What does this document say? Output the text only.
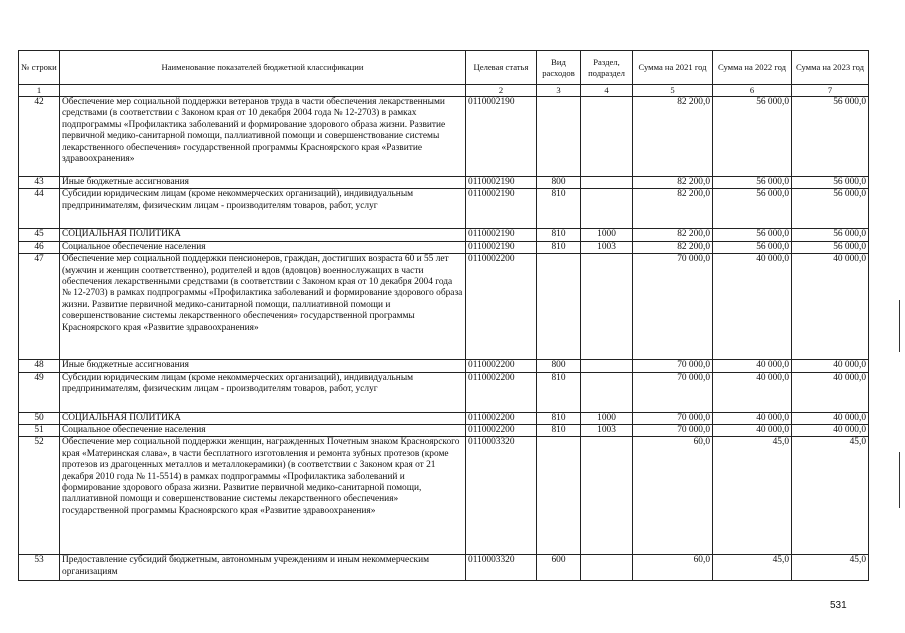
№ строки	Наименование показателей бюджетной классификации	Целевая статья	Вид расходов	Раздел, подраздел	Сумма на 2021 год	Сумма на 2022 год	Сумма на 2023 год
1		2	3	4	5	6	7
42	Обеспечение мер социальной поддержки ветеранов труда в части обеспечения лекарственными средствами (в соответствии с Законом края от 10 декабря 2004 года № 12-2703) в рамках подпрограммы «Профилактика заболеваний и формирование здорового образа жизни. Развитие первичной медико-санитарной помощи, паллиативной помощи и совершенствование системы лекарственного обеспечения» государственной программы Красноярского края «Развитие здравоохранения»	0110002190			82 200,0	56 000,0	56 000,0
43	Иные бюджетные ассигнования	0110002190	800		82 200,0	56 000,0	56 000,0
44	Субсидии юридическим лицам (кроме некоммерческих организаций), индивидуальным предпринимателям, физическим лицам - производителям товаров, работ, услуг	0110002190	810		82 200,0	56 000,0	56 000,0
45	СОЦИАЛЬНАЯ ПОЛИТИКА	0110002190	810	1000	82 200,0	56 000,0	56 000,0
46	Социальное обеспечение населения	0110002190	810	1003	82 200,0	56 000,0	56 000,0
47	Обеспечение мер социальной поддержки пенсионеров, граждан, достигших возраста 60 и 55 лет (мужчин и женщин соответственно), родителей и вдов (вдовцов) военнослужащих в части обеспечения лекарственными средствами (в соответствии с Законом края от 10 декабря 2004 года № 12-2703) в рамках подпрограммы «Профилактика заболеваний и формирование здорового образа жизни. Развитие первичной медико-санитарной помощи, паллиативной помощи и совершенствование системы лекарственного обеспечения» государственной программы Красноярского края «Развитие здравоохранения»	0110002200			70 000,0	40 000,0	40 000,0
48	Иные бюджетные ассигнования	0110002200	800		70 000,0	40 000,0	40 000,0
49	Субсидии юридическим лицам (кроме некоммерческих организаций), индивидуальным предпринимателям, физическим лицам - производителям товаров, работ, услуг	0110002200	810		70 000,0	40 000,0	40 000,0
50	СОЦИАЛЬНАЯ ПОЛИТИКА	0110002200	810	1000	70 000,0	40 000,0	40 000,0
51	Социальное обеспечение населения	0110002200	810	1003	70 000,0	40 000,0	40 000,0
52	Обеспечение мер социальной поддержки женщин, награжденных Почетным знаком Красноярского края «Материнская слава», в части бесплатного изготовления и ремонта зубных протезов (кроме протезов из драгоценных металлов и металлокерамики) (в соответствии с Законом края от 21 декабря 2010 года № 11-5514) в рамках подпрограммы «Профилактика заболеваний и формирование здорового образа жизни. Развитие первичной медико-санитарной помощи, паллиативной помощи и совершенствование системы лекарственного обеспечения» государственной программы Красноярского края «Развитие здравоохранения»	0110003320			60,0	45,0	45,0
53	Предоставление субсидий бюджетным, автономным учреждениям и иным некоммерческим организациям	0110003320	600		60,0	45,0	45,0
531
